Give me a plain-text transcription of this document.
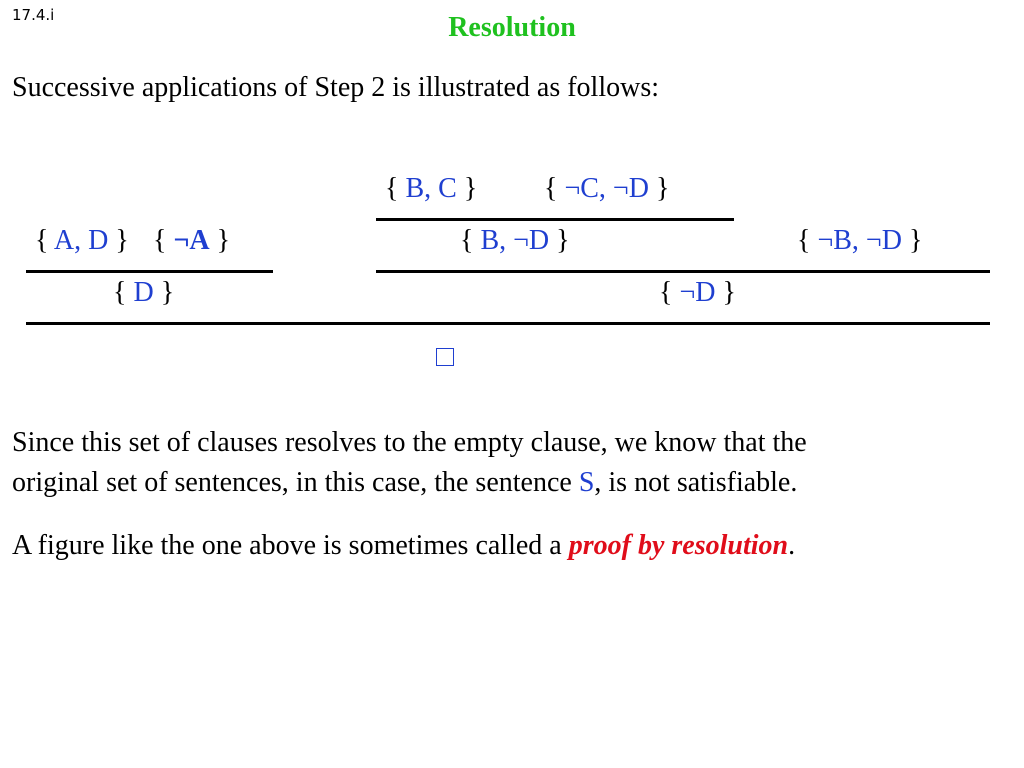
17.4.i	Resolution
Successive applications of Step 2 is illustrated as follows:
{ B, C } { ¬C, ¬D }
{ A, D } { ¬A }	{ B, ¬D }	{ ¬B, ¬D }
{ D }	{ ¬D }
Since this set of clauses resolves to the empty clause, we know that the
original set of sentences, in this case, the sentence S, is not satisfiable.
A figure like the one above is sometimes called a proof by resolution.
